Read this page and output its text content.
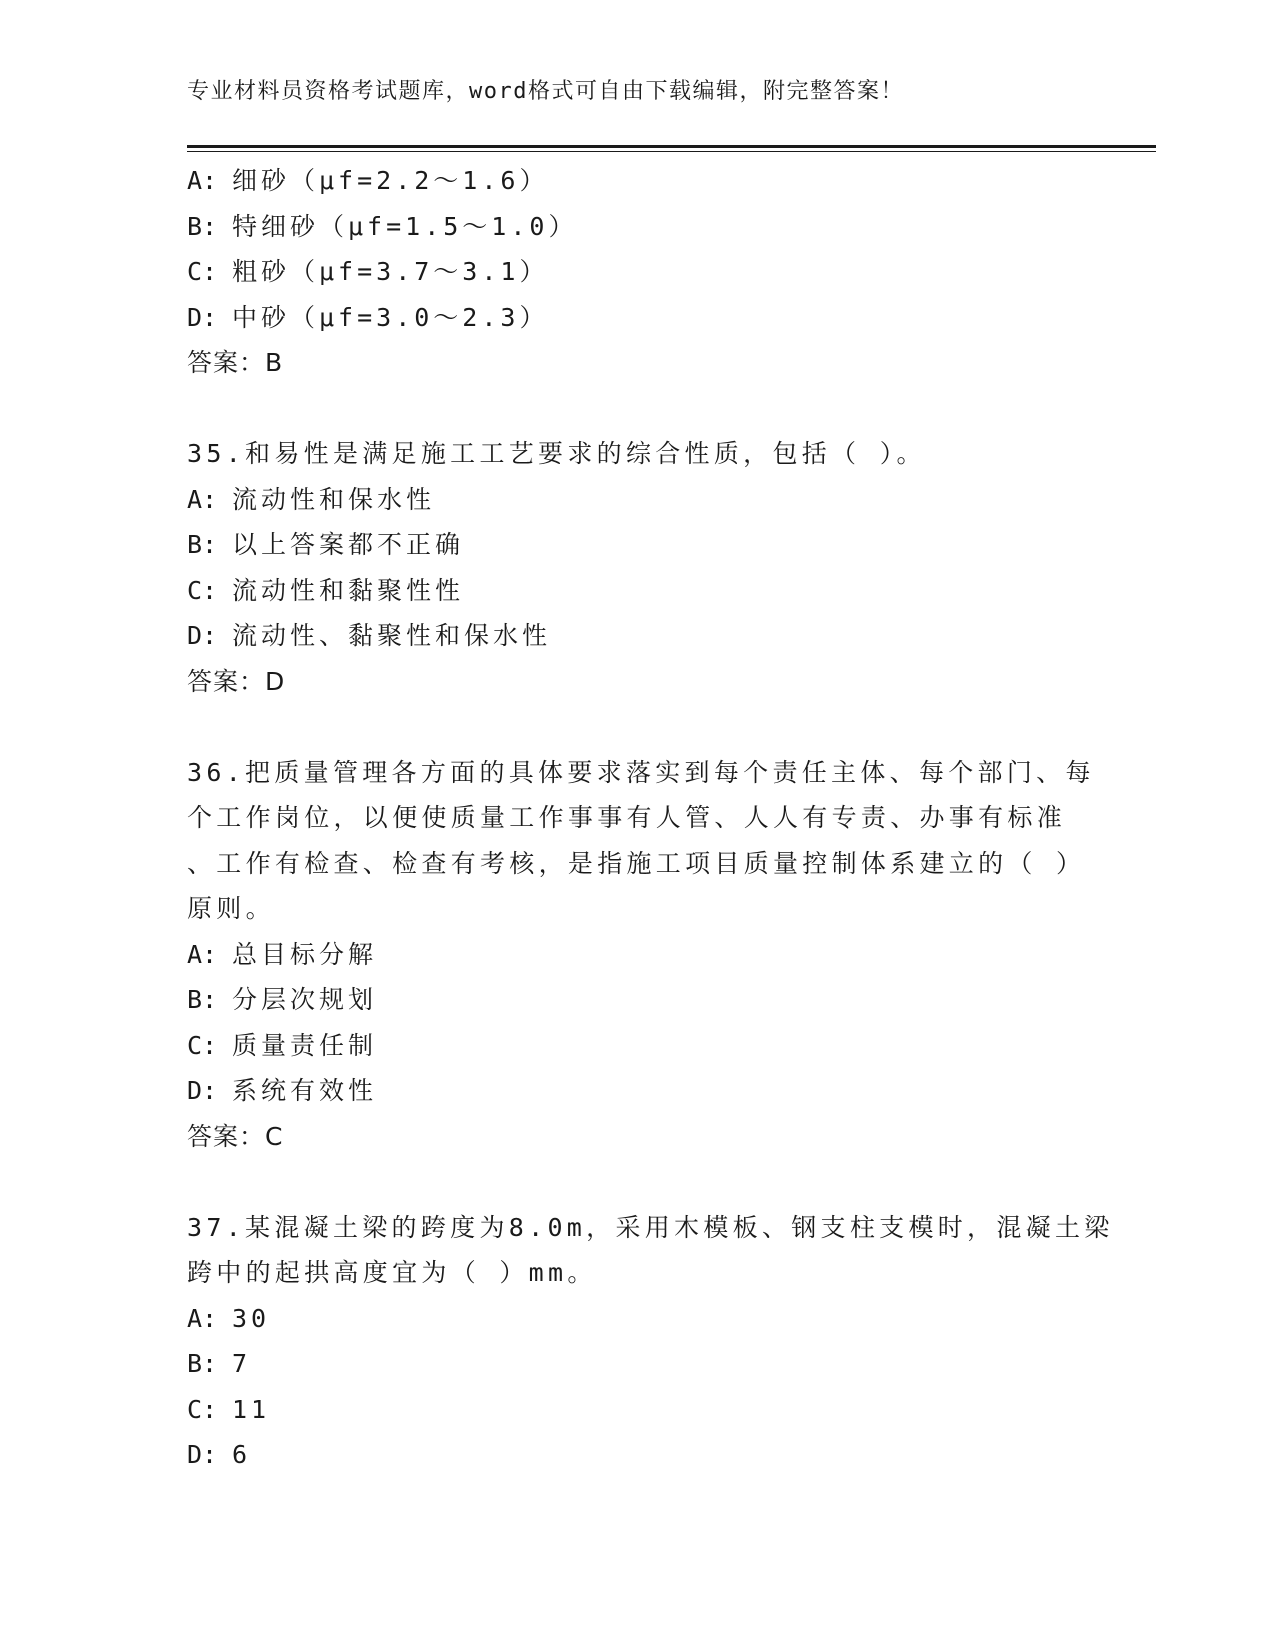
专业材料员资格考试题库，word格式可自由下载编辑，附完整答案！
A: 细砂（μf=2.2～1.6）
B: 特细砂（μf=1.5～1.0）
C: 粗砂（μf=3.7～3.1）
D: 中砂（μf=3.0～2.3）
答案：B
35.和易性是满足施工工艺要求的综合性质，包括（ ）。
A: 流动性和保水性
B: 以上答案都不正确
C: 流动性和黏聚性性
D: 流动性、黏聚性和保水性
答案：D
36.把质量管理各方面的具体要求落实到每个责任主体、每个部门、每
个工作岗位，以便使质量工作事事有人管、人人有专责、办事有标准
、工作有检查、检查有考核，是指施工项目质量控制体系建立的（ ）
原则。
A: 总目标分解
B: 分层次规划
C: 质量责任制
D: 系统有效性
答案：C
37.某混凝土梁的跨度为8.0m，采用木模板、钢支柱支模时，混凝土梁
跨中的起拱高度宜为（ ）mm。
A: 30
B: 7
C: 11
D: 6
